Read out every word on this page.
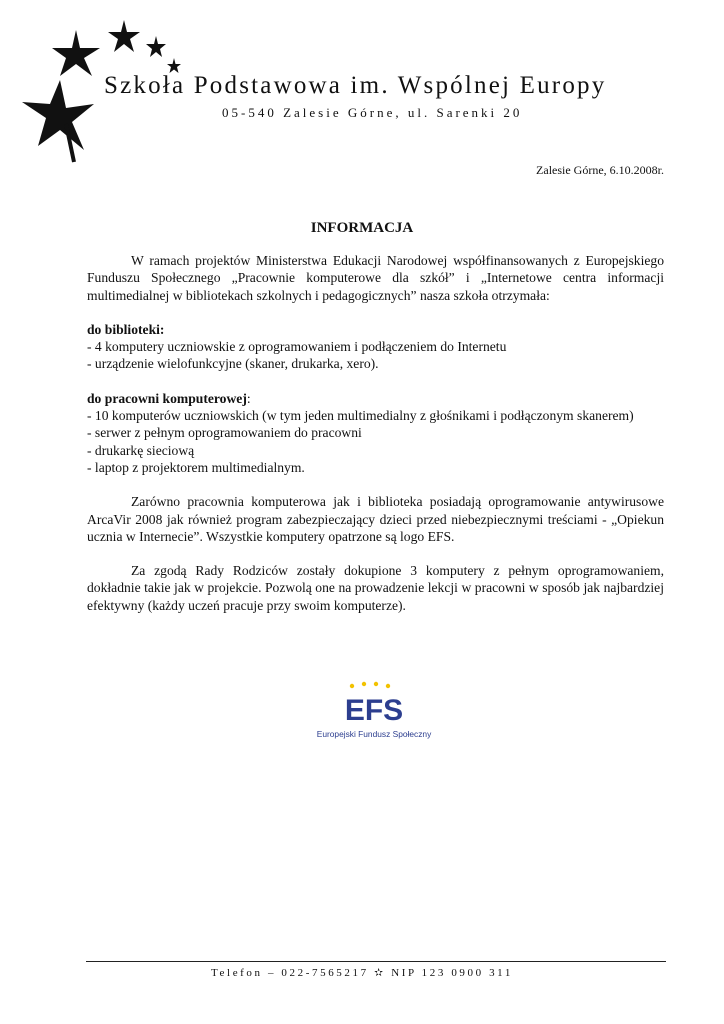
Szkoła Podstawowa im. Wspólnej Europy
05-540 Zalesie Górne, ul. Sarenki 20
Zalesie Górne, 6.10.2008r.
INFORMACJA

W ramach projektów Ministerstwa Edukacji Narodowej współfinansowanych z Europejskiego Funduszu Społecznego „Pracownie komputerowe dla szkół” i „Internetowe centra informacji multimedialnej w bibliotekach szkolnych i pedagogicznych” nasza szkoła otrzymała:

do biblioteki:

- 4 komputery uczniowskie z oprogramowaniem i podłączeniem do Internetu

- urządzenie wielofunkcyjne (skaner, drukarka, xero).

do pracowni komputerowej:

- 10 komputerów uczniowskich (w tym jeden multimedialny z głośnikami i podłączonym skanerem)

- serwer z pełnym oprogramowaniem do pracowni

- drukarkę sieciową

- laptop z projektorem multimedialnym.

Zarówno pracownia komputerowa jak i biblioteka posiadają oprogramowanie antywirusowe ArcaVir 2008 jak również program zabezpieczający dzieci przed niebezpiecznymi treściami - „Opiekun ucznia w Internecie”. Wszystkie komputery opatrzone są logo EFS.

Za zgodą Rady Rodziców zostały dokupione 3 komputery z pełnym oprogramowaniem, dokładnie takie jak w projekcie. Pozwolą one na prowadzenie lekcji w pracowni w sposób jak najbardziej efektywny (każdy uczeń pracuje przy swoim komputerze).

EFS
Europejski Fundusz Społeczny
Telefon – 022-7565217 ✫ NIP 123 0900 311
